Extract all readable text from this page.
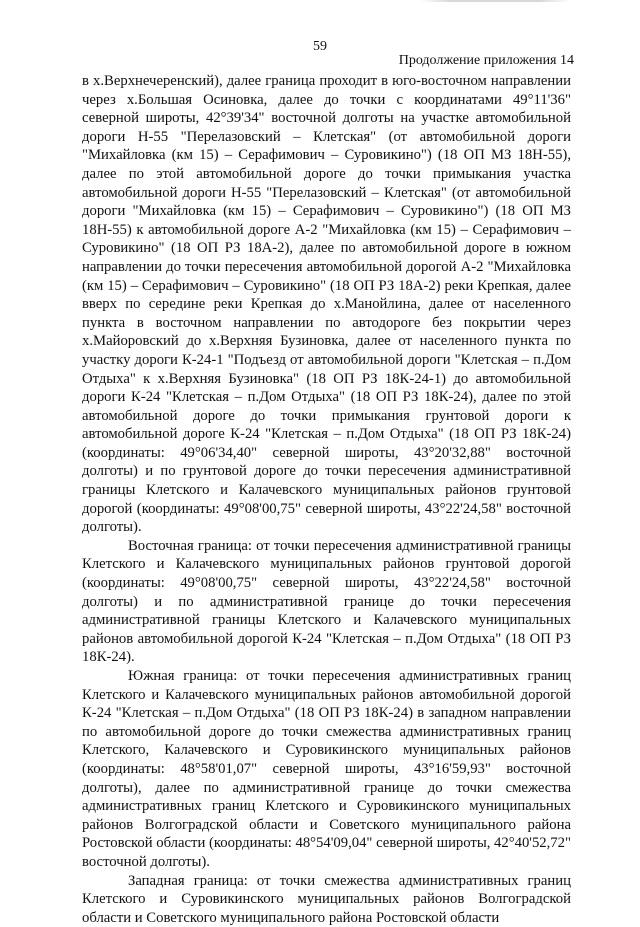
59
Продолжение приложения 14

в х.Верхнечеренский), далее граница проходит в юго-восточном направлении через х.Большая Осиновка, далее до точки с координатами 49°11'36" северной широты, 42°39'34" восточной долготы на участке автомобильной дороги Н-55 "Перелазовский – Клетская" (от автомобильной дороги "Михайловка (км 15) – Серафимович – Суровикино") (18 ОП МЗ 18Н-55), далее по этой автомобильной дороге до точки примыкания участка автомобильной дороги Н-55 "Перелазовский – Клетская" (от автомобильной дороги "Михайловка (км 15) – Серафимович – Суровикино") (18 ОП МЗ 18Н-55) к автомобильной дороге А-2 "Михайловка (км 15) – Серафимович – Суровикино" (18 ОП РЗ 18А-2), далее по автомобильной дороге в южном направлении до точки пересечения автомобильной дорогой А-2 "Михайловка (км 15) – Серафимович – Суровикино" (18 ОП РЗ 18А-2) реки Крепкая, далее вверх по середине реки Крепкая до х.Манойлина, далее от населенного пункта в восточном направлении по автодороге без покрытии через х.Майоровский до х.Верхняя Бузиновка, далее от населенного пункта по участку дороги К-24-1 "Подъезд от автомобильной дороги "Клетская – п.Дом Отдыха" к х.Верхняя Бузиновка" (18 ОП РЗ 18К-24-1) до автомобильной дороги К-24 "Клетская – п.Дом Отдыха" (18 ОП РЗ 18К-24), далее по этой автомобильной дороге до точки примыкания грунтовой дороги к автомобильной дороге К-24 "Клетская – п.Дом Отдыха" (18 ОП РЗ 18К-24) (координаты: 49°06'34,40" северной широты, 43°20'32,88" восточной долготы) и по грунтовой дороге до точки пересечения административной границы Клетского и Калачевского муниципальных районов грунтовой дорогой (координаты: 49°08'00,75" северной широты, 43°22'24,58" восточной долготы).

Восточная граница: от точки пересечения административной границы Клетского и Калачевского муниципальных районов грунтовой дорогой (координаты: 49°08'00,75" северной широты, 43°22'24,58" восточной долготы) и по административной границе до точки пересечения административной границы Клетского и Калачевского муниципальных районов автомобильной дорогой К-24 "Клетская – п.Дом Отдыха" (18 ОП РЗ 18К-24).

Южная граница: от точки пересечения административных границ Клетского и Калачевского муниципальных районов автомобильной дорогой К-24 "Клетская – п.Дом Отдыха" (18 ОП РЗ 18К-24) в западном направлении по автомобильной дороге до точки смежества административных границ Клетского, Калачевского и Суровикинского муниципальных районов (координаты: 48°58'01,07" северной широты, 43°16'59,93" восточной долготы), далее по административной границе до точки смежества административных границ Клетского и Суровикинского муниципальных районов Волгоградской области и Советского муниципального района Ростовской области (координаты: 48°54'09,04" северной широты, 42°40'52,72" восточной долготы).

Западная граница: от точки смежества административных границ Клетского и Суровикинского муниципальных районов Волгоградской области и Советского муниципального района Ростовской области
